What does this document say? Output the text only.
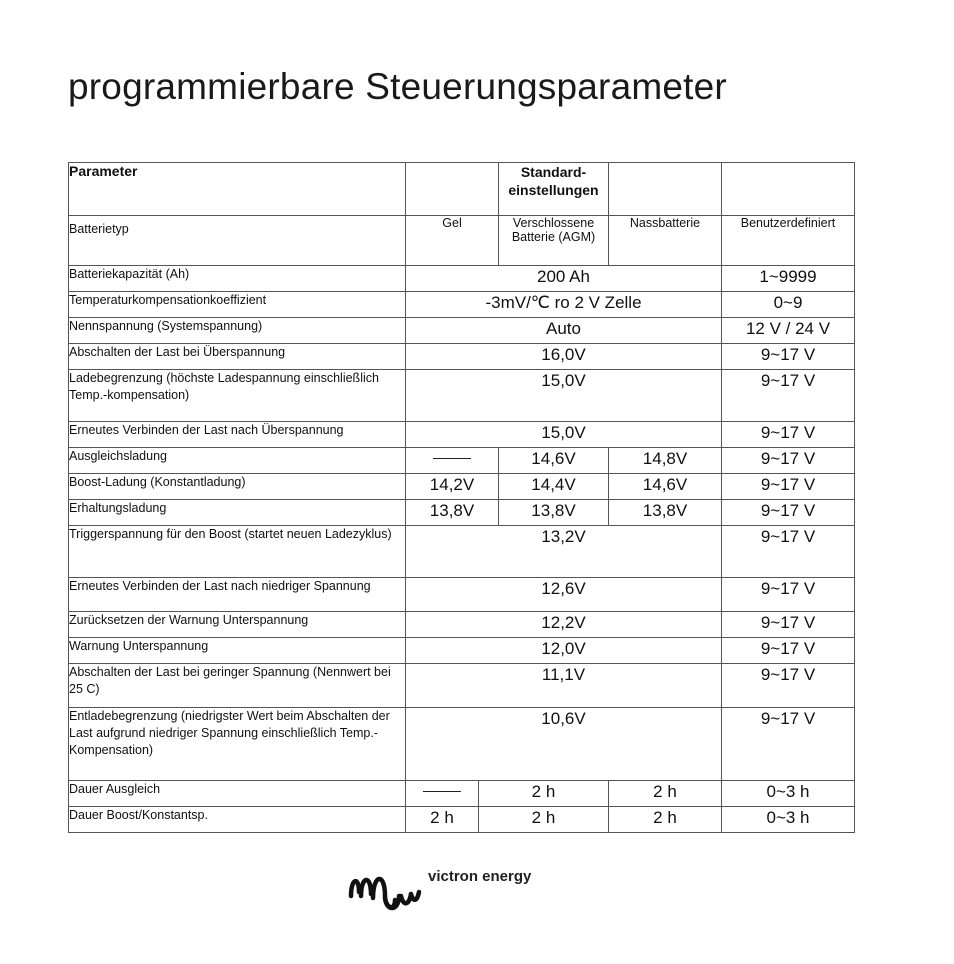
programmierbare Steuerungsparameter
Parameter			Standard-einstellungen		
Batterietyp	Gel		Verschlossene Batterie (AGM)	Nassbatterie	Benutzerdefiniert
Batteriekapazität (Ah)	200 Ah				1~9999
Temperaturkompensationkoeffizient	-3mV/℃ ro 2 V Zelle				0~9
Nennspannung (Systemspannung)	Auto				12 V / 24 V
Abschalten der Last bei Überspannung	16,0V				9~17 V
Ladebegrenzung (höchste Ladespannung einschließlich Temp.-kompensation)	15,0V				9~17 V
Erneutes Verbinden der Last nach Überspannung	15,0V				9~17 V
Ausgleichsladung			14,6V	14,8V	9~17 V
Boost-Ladung (Konstantladung)	14,2V		14,4V	14,6V	9~17 V
Erhaltungsladung	13,8V		13,8V	13,8V	9~17 V
Triggerspannung für den Boost (startet neuen Ladezyklus)	13,2V				9~17 V
Erneutes Verbinden der Last nach niedriger Spannung	12,6V				9~17 V
Zurücksetzen der Warnung Unterspannung	12,2V				9~17 V
Warnung Unterspannung	12,0V				9~17 V
Abschalten der Last bei geringer Spannung (Nennwert bei 25 C)	11,1V				9~17 V
Entladebegrenzung (niedrigster Wert beim Abschalten der Last aufgrund niedriger Spannung einschließlich Temp.-Kompensation)	10,6V				9~17 V
Dauer Ausgleich		2 h		2 h	0~3 h
Dauer Boost/Konstantsp.	2 h	2 h		2 h	0~3 h
victron energy
